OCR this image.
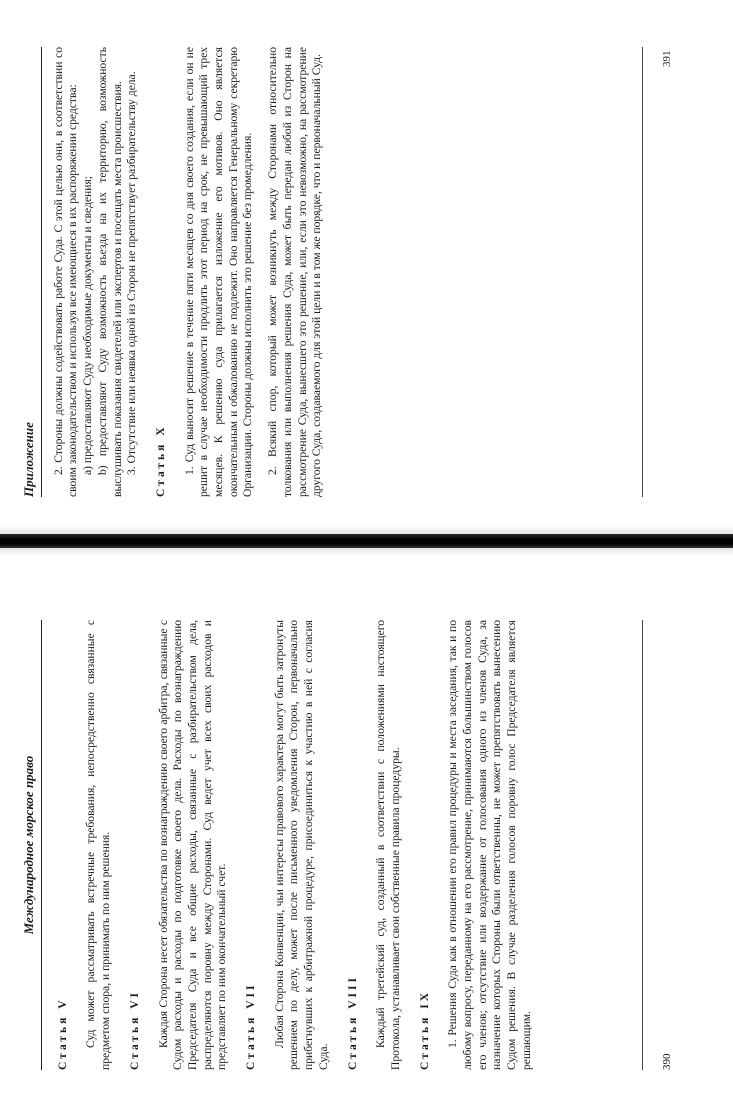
Международное морское право
Статья V Суд может рассматривать встречные требования, непосредственно связанные с предметом спора, и принимать по ним решения. Статья VI Каждая Сторона несет обязательства по вознаграждению своего арбитра, связанные с Судом расходы и расходы по подготовке своего дела. Расходы по вознаграждению Председателя Суда и все общие расходы, связанные с разбирательством дела, распределяются поровну между Сторонами. Суд ведет учет всех своих расходов и представляет по ним окончательный счет. Статья VII Любая Сторона Конвенции, чьи интересы правового характера могут быть затронуты решением по делу, может после письменного уведомления Сторон, первоначально прибегнувших к арбитражной процедуре, присоединиться к участию в ней с согласия Суда. Статья VIII Каждый третейский суд, созданный в соответствии с положениями настоящего Протокола, устанавливает свои собственные правила процедуры. Статья IX 1. Решения Суда как в отношении его правил процедуры и места заседания, так и по любому вопросу, переданному на его рассмотрение, принимаются большинством голосов его членов; отсутствие или воздержание от голосования одного из членов Суда, за назначение которых Стороны были ответственны, не может препятствовать вынесению Судом решения. В случае разделения голосов поровну голос Председателя является решающим.	390
Приложение	2. Стороны должны содействовать работе Суда. С этой целью они, в соответствии со своим законодательством и используя все имеющиеся в их распоряжении средства: а) предоставляют Суду необходимые документы и сведения; b) предоставляют Суду возможность въезда на их территорию, возможность выслушивать показания свидетелей или экспертов и посещать места происшествия. 3. Отсутствие или неявка одной из Сторон не препятствует разбирательству дела. Статья X 1. Суд выносит решение в течение пяти месяцев со дня своего создания, если он не решит в случае необходимости продлить этот период на срок, не превышающий трех месяцев. К решению суда прилагается изложение его мотивов. Оно является окончательным и обжалованию не подлежит. Оно направляется Генеральному секретарю Организации. Стороны должны исполнить это решение без промедления. 2. Всякий спор, который может возникнуть между Сторонами относительно толкования или выполнения решения Суда, может быть передан любой из Сторон на рассмотрение Суда, вынесшего это решение, или, если это невозможно, на рассмотрение другого Суда, создаваемого для этой цели и в том же порядке, что и первоначальный Суд.	391
